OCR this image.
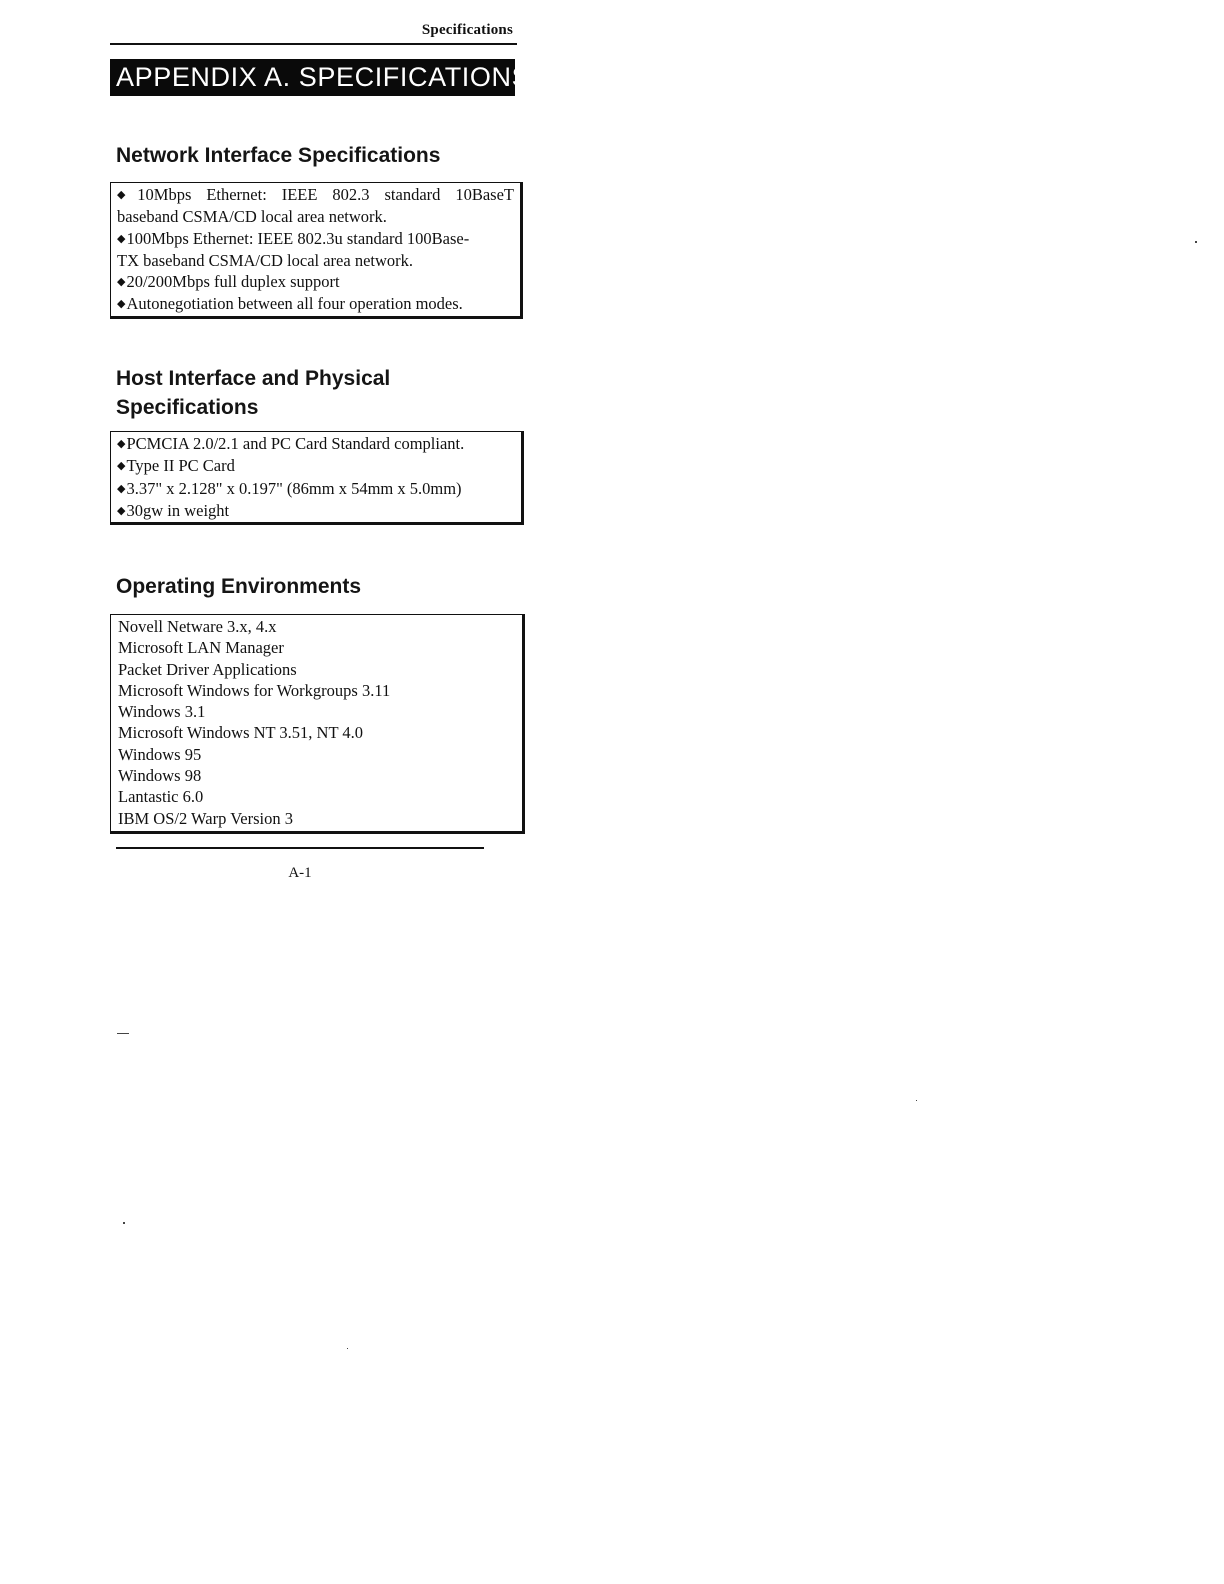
Specifications
APPENDIX A. SPECIFICATIONS
Network Interface Specifications
◆10Mbps Ethernet: IEEE 802.3 standard 10BaseT
baseband CSMA/CD local area network.
◆100Mbps Ethernet: IEEE 802.3u standard 100Base-
TX baseband CSMA/CD local area network.
◆20/200Mbps full duplex support
◆Autonegotiation between all four operation modes.
Host Interface and Physical
Specifications
◆PCMCIA 2.0/2.1 and PC Card Standard compliant.
◆Type II PC Card
◆3.37" x 2.128" x 0.197" (86mm x 54mm x 5.0mm)
◆30gw in weight
Operating Environments
Novell Netware 3.x, 4.x
Microsoft LAN Manager
Packet Driver Applications
Microsoft Windows for Workgroups 3.11
Windows 3.1
Microsoft Windows NT 3.51, NT 4.0
Windows 95
Windows 98
Lantastic 6.0
IBM OS/2 Warp Version 3
A-1
